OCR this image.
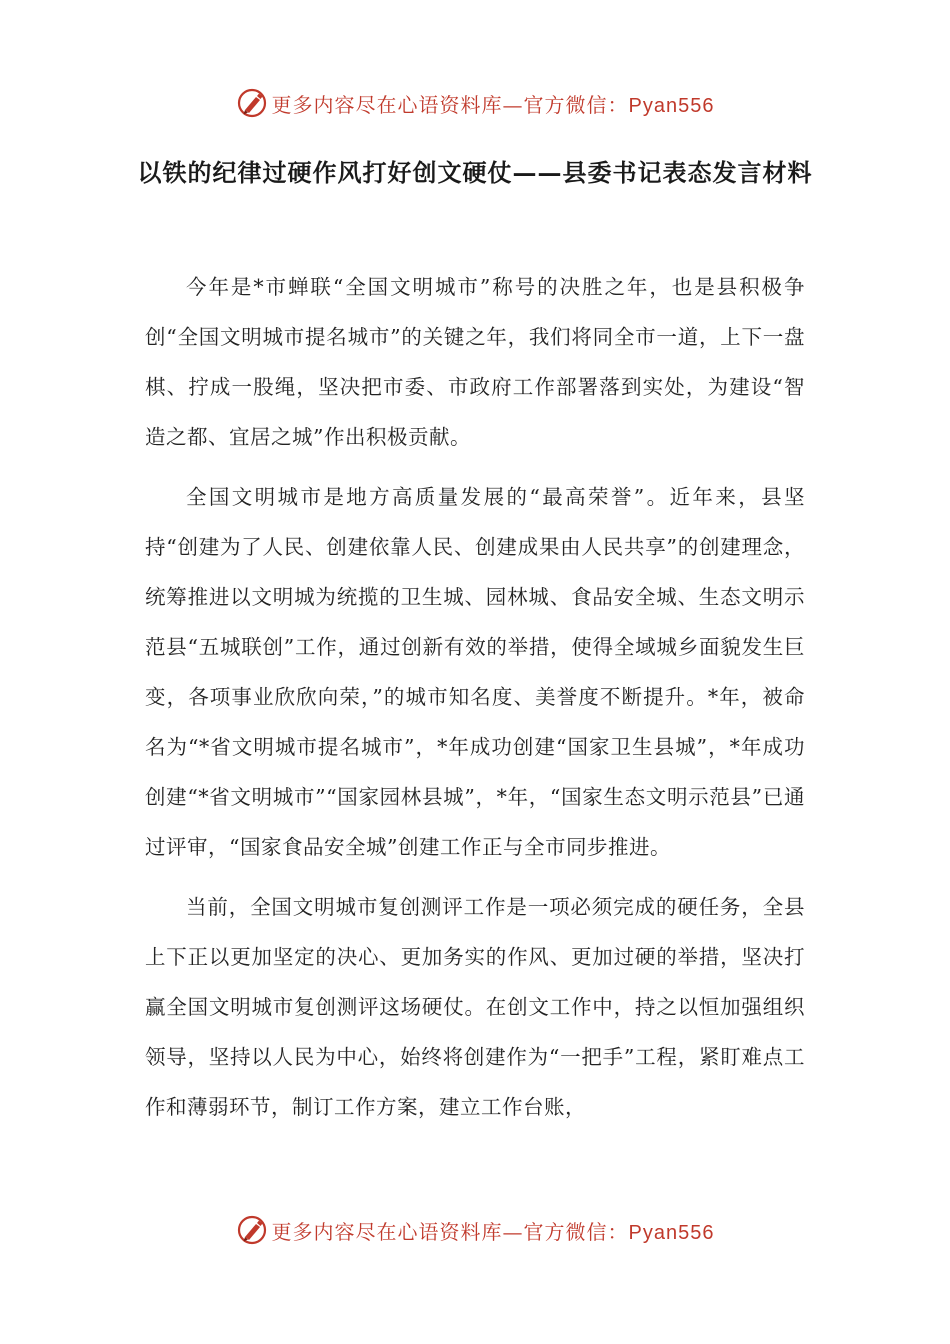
更多内容尽在心语资料库—官方微信：Pyan556
以铁的纪律过硬作风打好创文硬仗——县委书记表态发言材料

今年是*市蝉联“全国文明城市”称号的决胜之年，也是县积极争创“全国文明城市提名城市”的关键之年，我们将同全市一道，上下一盘棋、拧成一股绳，坚决把市委、市政府工作部署落到实处，为建设“智造之都、宜居之城”作出积极贡献。

全国文明城市是地方高质量发展的“最高荣誉”。近年来，县坚持“创建为了人民、创建依靠人民、创建成果由人民共享”的创建理念，统筹推进以文明城为统揽的卫生城、园林城、食品安全城、生态文明示范县“五城联创”工作，通过创新有效的举措，使得全域城乡面貌发生巨变，各项事业欣欣向荣，”的城市知名度、美誉度不断提升。*年，被命名为“*省文明城市提名城市”，*年成功创建“国家卫生县城”，*年成功创建“*省文明城市”“国家园林县城”，*年，“国家生态文明示范县”已通过评审，“国家食品安全城”创建工作正与全市同步推进。

当前，全国文明城市复创测评工作是一项必须完成的硬任务，全县上下正以更加坚定的决心、更加务实的作风、更加过硬的举措，坚决打赢全国文明城市复创测评这场硬仗。在创文工作中，持之以恒加强组织领导，坚持以人民为中心，始终将创建作为“一把手”工程，紧盯难点工作和薄弱环节，制订工作方案，建立工作台账，

更多内容尽在心语资料库—官方微信：Pyan556
